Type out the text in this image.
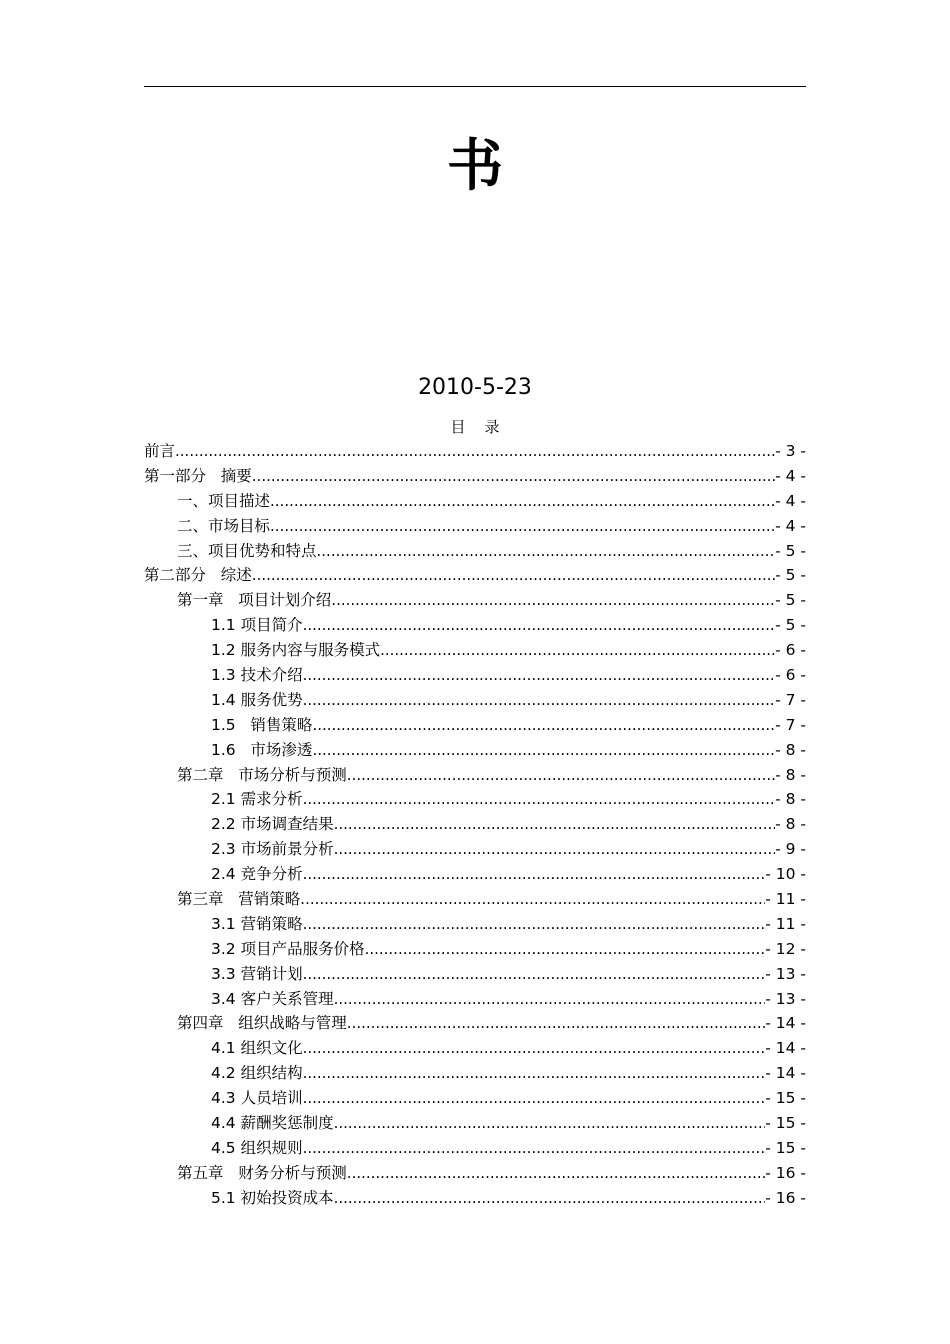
书
2010-5-23
目    录
前言 .....	- 3 -
第一部分   摘要 .....	- 4 -
一、项目描述 .....	- 4 -
二、市场目标 .....	- 4 -
三、项目优势和特点 .....	- 5 -
第二部分   综述 .....	- 5 -
第一章   项目计划介绍 .....	- 5 -
1.1 项目简介 .....	- 5 -
1.2 服务内容与服务模式 .....	- 6 -
1.3 技术介绍 .....	- 6 -
1.4 服务优势 .....	- 7 -
1.5   销售策略 .....	- 7 -
1.6   市场渗透 .....	- 8 -
第二章   市场分析与预测 .....	- 8 -
2.1 需求分析 .....	- 8 -
2.2 市场调查结果 .....	- 8 -
2.3 市场前景分析 .....	- 9 -
2.4 竞争分析 .....	- 10 -
第三章   营销策略 .....	- 11 -
3.1 营销策略 .....	- 11 -
3.2 项目产品服务价格 .....	- 12 -
3.3 营销计划 .....	- 13 -
3.4 客户关系管理 .....	- 13 -
第四章   组织战略与管理 .....	- 14 -
4.1 组织文化 .....	- 14 -
4.2 组织结构 .....	- 14 -
4.3 人员培训 .....	- 15 -
4.4 薪酬奖惩制度 .....	- 15 -
4.5 组织规则 .....	- 15 -
第五章   财务分析与预测 .....	- 16 -
5.1 初始投资成本 .....	- 16 -
